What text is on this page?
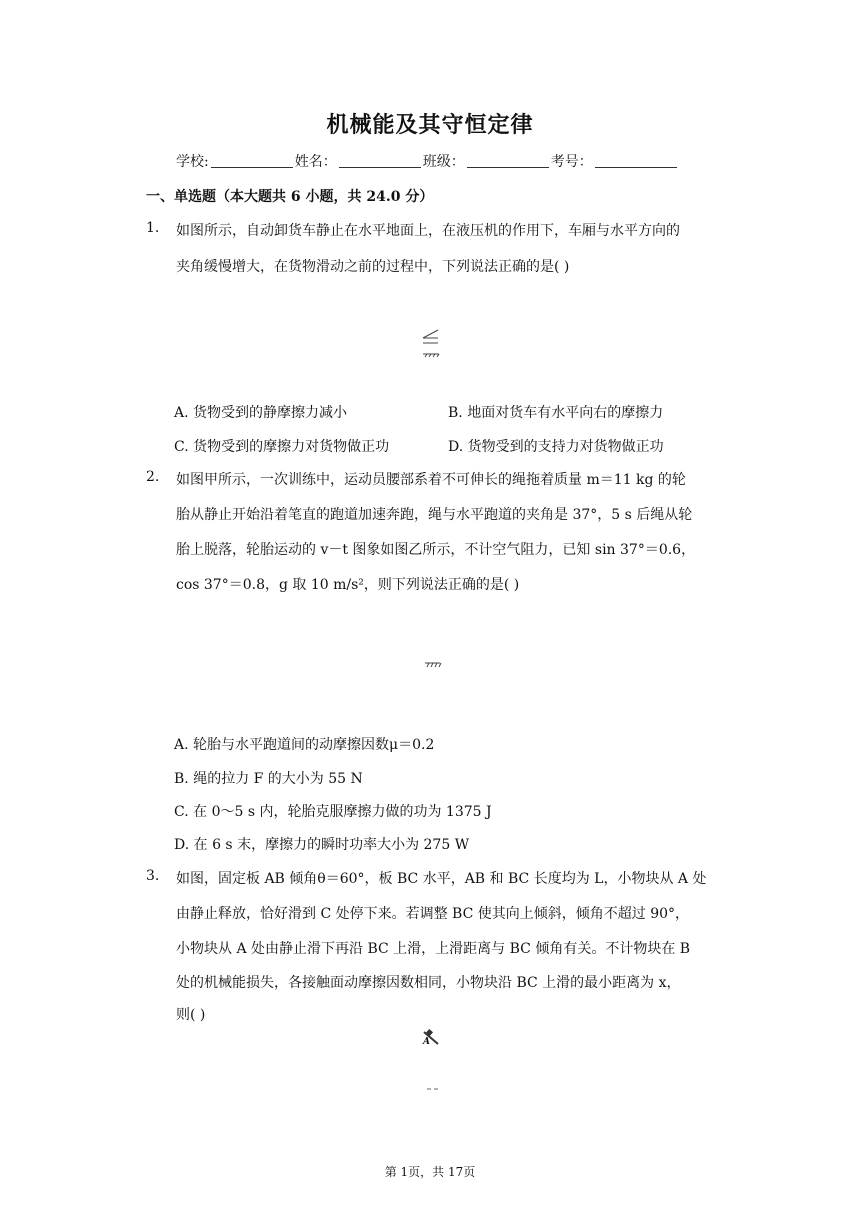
机械能及其守恒定律
学校:	姓名：	班级：	考号：
一、单选题（本大题共 6 小题，共 24.0 分）
1. 如图所示，自动卸货车静止在水平地面上，在液压机的作用下，车厢与水平方向的
夹角缓慢增大，在货物滑动之前的过程中，下列说法正确的是( )
A. 货物受到的静摩擦力减小	B. 地面对货车有水平向右的摩擦力
C. 货物受到的摩擦力对货物做正功	D. 货物受到的支持力对货物做正功
2. 如图甲所示，一次训练中，运动员腰部系着不可伸长的绳拖着质量 m＝11 kg 的轮
胎从静止开始沿着笔直的跑道加速奔跑，绳与水平跑道的夹角是 37°，5 s 后绳从轮
胎上脱落，轮胎运动的 v－t 图象如图乙所示，不计空气阻力，已知 sin 37°＝0.6，
cos 37°＝0.8，g 取 10 m/s²，则下列说法正确的是( )
A. 轮胎与水平跑道间的动摩擦因数μ＝0.2
B. 绳的拉力 F 的大小为 55 N
C. 在 0～5 s 内，轮胎克服摩擦力做的功为 1375 J
D. 在 6 s 末，摩擦力的瞬时功率大小为 275 W
3. 如图，固定板 AB 倾角θ＝60°，板 BC 水平，AB 和 BC 长度均为 L，小物块从 A 处
由静止释放，恰好滑到 C 处停下来。若调整 BC 使其向上倾斜，倾角不超过 90°，
小物块从 A 处由静止滑下再沿 BC 上滑，上滑距离与 BC 倾角有关。不计物块在 B
处的机械能损失，各接触面动摩擦因数相同，小物块沿 BC 上滑的最小距离为 x，
则( )
A
第 1页，共 17页
